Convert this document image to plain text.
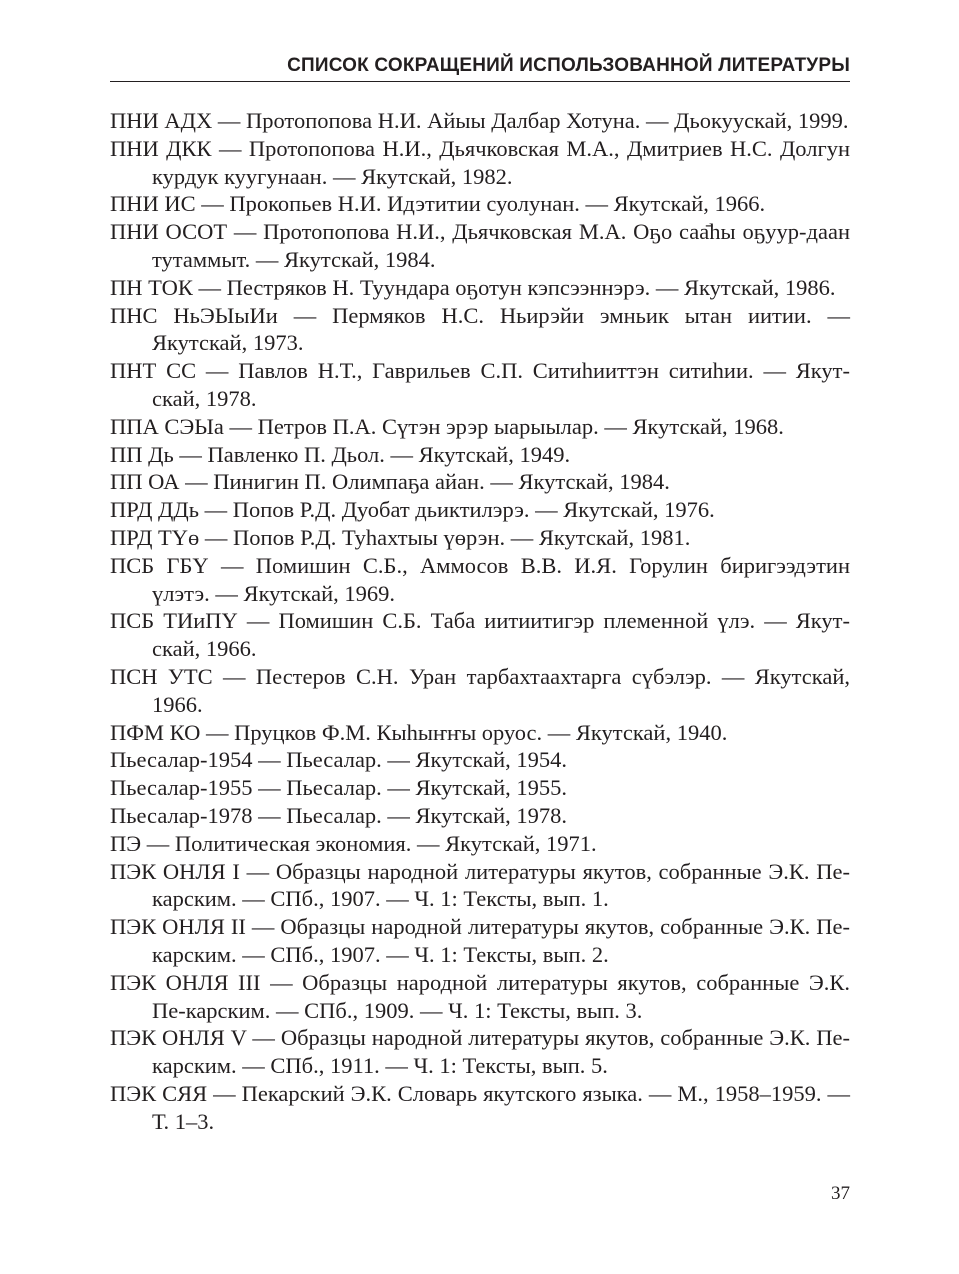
СПИСОК СОКРАЩЕНИЙ ИСПОЛЬЗОВАННОЙ ЛИТЕРАТУРЫ
ПНИ АДХ — Протопопова Н.И. Айыы Дaлбaр Хотуна. — Дьокуускай, 1999.
ПНИ ДКК — Протопопова Н.И., Дьячковская М.А., Дмитриев Н.С. Долгун курдук куугунаан. — Якутскай, 1982.
ПНИ ИС — Прокопьев Н.И. Идэтитии суолунан. — Якутскай, 1966.
ПНИ ОСОТ — Протопопова Н.И., Дьячковская М.А. Оҕо саа̄һы оҕуур-даан тутаммыт. — Якутскай, 1984.
ПН ТОК — Пестряков Н. Туундара оҕотун кэпсээннэрэ. — Якутскай, 1986.
ПНС НьЭЫыИи — Пермяков Н.С. Ньирэйи эмньик ытан иитии. — Якутскай, 1973.
ПНТ СС — Павлов Н.Т., Гаврильев С.П. Ситиһииттэн ситиһии. — Якут-скай, 1978.
ППА СЭЫа — Петров П.А. Сүтэн эрэр ыарыылар. — Якутскай, 1968.
ПП Дь — Павленко П. Дьол. — Якутскай, 1949.
ПП ОА — Пинигин П. Олимпаҕа айан. — Якутскай, 1984.
ПРД ДДь — Попов Р.Д. Дуобат дьиктилэрэ. — Якутскай, 1976.
ПРД ТҮө — Попов Р.Д. Туһахтыы үөрэн. — Якутскай, 1981.
ПСБ ГБҮ — Помишин С.Б., Аммосов В.В. И.Я. Горулин биригээдэтин үлэтэ. — Якутскай, 1969.
ПСБ ТИиПҮ — Помишин С.Б. Таба иитиитигэр племенной үлэ. — Якут-скай, 1966.
ПСН УТС — Пестеров С.Н. Уран тарбахтаахтарга сүбэлэр. — Якутскай, 1966.
ПФМ КО — Пруцков Ф.М. Кыһыҥҥы оруос. — Якутскай, 1940.
Пьесалар-1954 — Пьесалар. — Якутскай, 1954.
Пьесалар-1955 — Пьесалар. — Якутскай, 1955.
Пьесалар-1978 — Пьесалар. — Якутскай, 1978.
ПЭ — Политическая экономия. — Якутскай, 1971.
ПЭК ОНЛЯ I — Образцы народной литературы якутов, собранные Э.К. Пе-карским. — СПб., 1907. — Ч. 1: Тексты, вып. 1.
ПЭК ОНЛЯ II — Образцы народной литературы якутов, собранные Э.К. Пе-карским. — СПб., 1907. — Ч. 1: Тексты, вып. 2.
ПЭК ОНЛЯ III — Образцы народной литературы якутов, собранные Э.К. Пе-карским. — СПб., 1909. — Ч. 1: Тексты, вып. 3.
ПЭК ОНЛЯ V — Образцы народной литературы якутов, собранные Э.К. Пе-карским. — СПб., 1911. — Ч. 1: Тексты, вып. 5.
ПЭК СЯЯ — Пекарский Э.К. Словарь якутского языка. — М., 1958–1959. — Т. 1–3.
37
